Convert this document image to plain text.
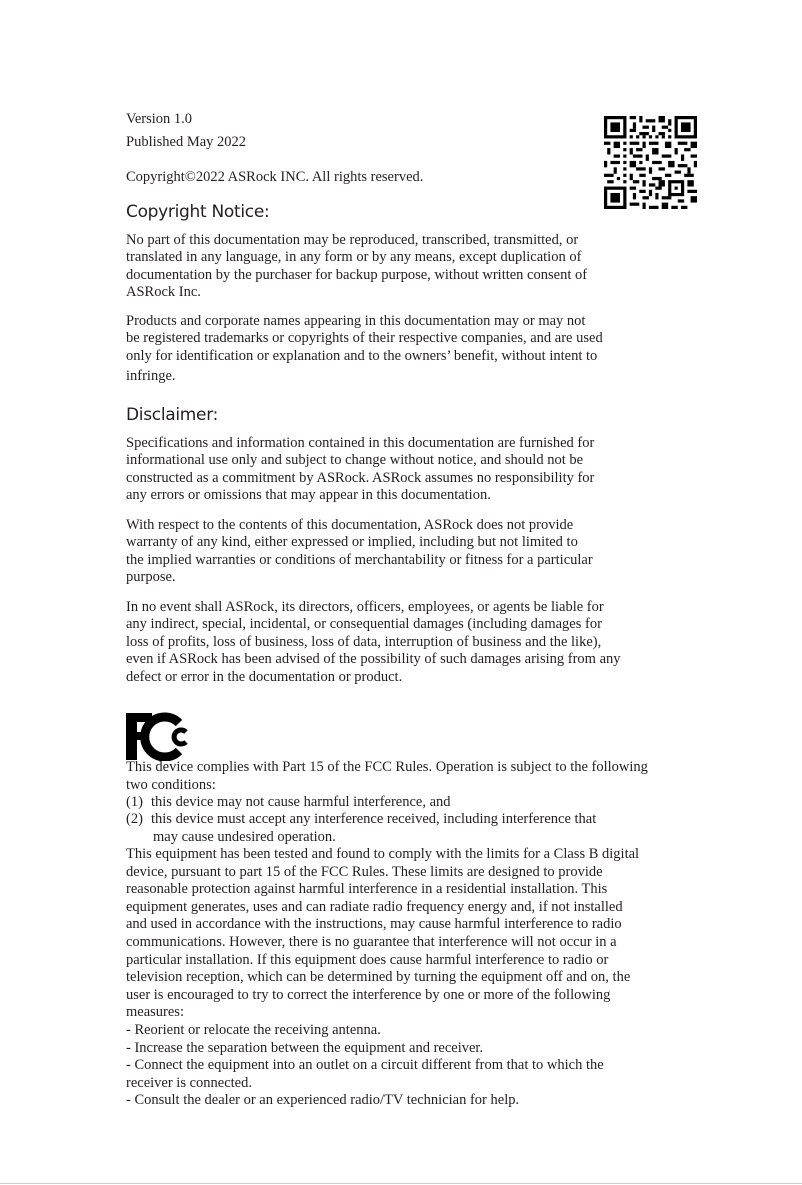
Version 1.0
Published May 2022
Copyright©2022 ASRock INC. All rights reserved.
Copyright Notice:
No part of this documentation may be reproduced, transcribed, transmitted, or
translated in any language, in any form or by any means, except duplication of
documentation by the purchaser for backup purpose, without written consent of
ASRock Inc.
Products and corporate names appearing in this documentation may or may not
be registered trademarks or copyrights of their respective companies, and are used
only for identification or explanation and to the owners’ benefit, without intent to
infringe.
Disclaimer:
Specifications and information contained in this documentation are furnished for
informational use only and subject to change without notice, and should not be
constructed as a commitment by ASRock. ASRock assumes no responsibility for
any errors or omissions that may appear in this documentation.
With respect to the contents of this documentation, ASRock does not provide
warranty of any kind, either expressed or implied, including but not limited to
the implied warranties or conditions of merchantability or fitness for a particular
purpose.
In no event shall ASRock, its directors, officers, employees, or agents be liable for
any indirect, special, incidental, or consequential damages (including damages for
loss of profits, loss of business, loss of data, interruption of business and the like),
even if ASRock has been advised of the possibility of such damages arising from any
defect or error in the documentation or product.
This device complies with Part 15 of the FCC Rules. Operation is subject to the following
two conditions:
(1) this device may not cause harmful interference, and
(2) this device must accept any interference received, including interference that
may cause undesired operation.
This equipment has been tested and found to comply with the limits for a Class B digital
device, pursuant to part 15 of the FCC Rules. These limits are designed to provide
reasonable protection against harmful interference in a residential installation. This
equipment generates, uses and can radiate radio frequency energy and, if not installed
and used in accordance with the instructions, may cause harmful interference to radio
communications. However, there is no guarantee that interference will not occur in a
particular installation. If this equipment does cause harmful interference to radio or
television reception, which can be determined by turning the equipment off and on, the
user is encouraged to try to correct the interference by one or more of the following
measures:
- Reorient or relocate the receiving antenna.
- Increase the separation between the equipment and receiver.
- Connect the equipment into an outlet on a circuit different from that to which the
receiver is connected.
- Consult the dealer or an experienced radio/TV technician for help.
